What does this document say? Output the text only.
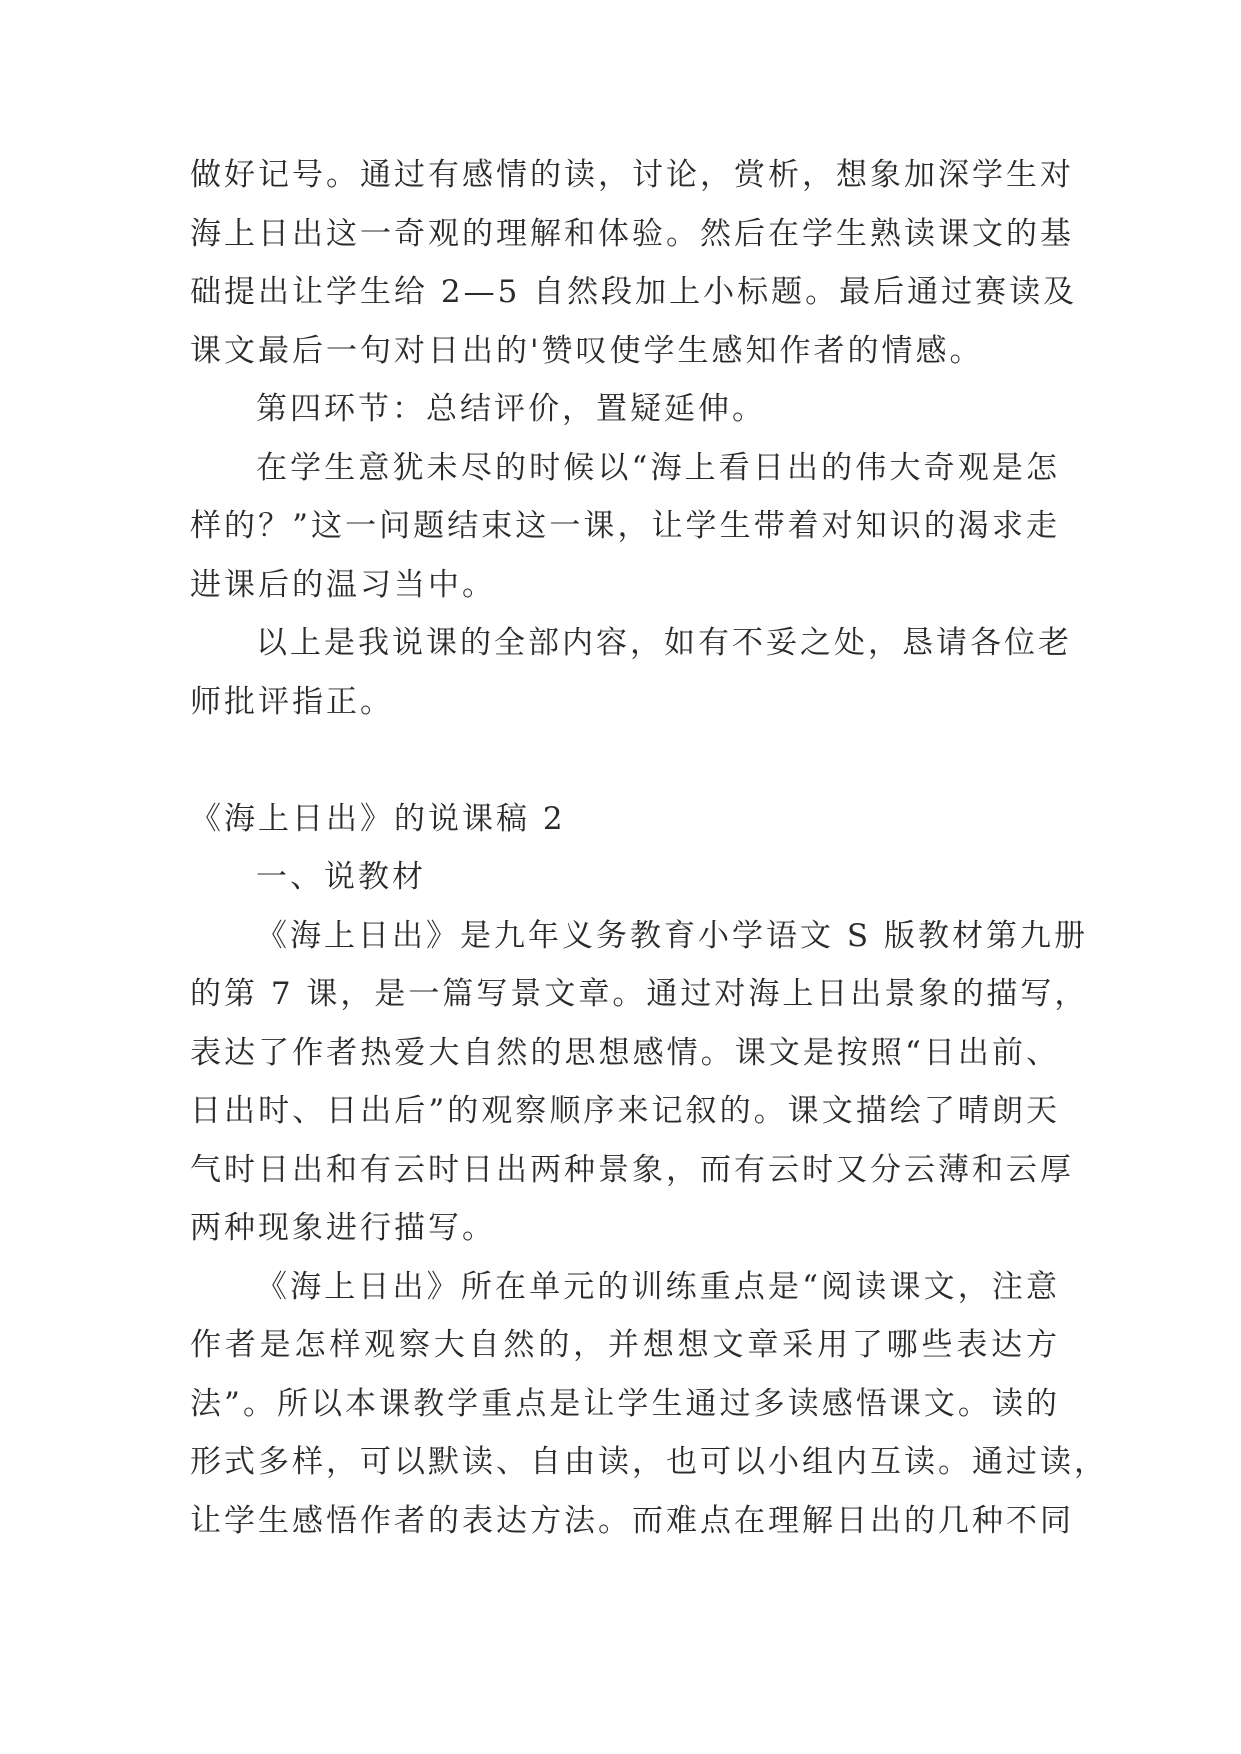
做好记号。通过有感情的读，讨论，赏析，想象加深学生对
海上日出这一奇观的理解和体验。然后在学生熟读课文的基
础提出让学生给 2—5 自然段加上小标题。最后通过赛读及
课文最后一句对日出的'赞叹使学生感知作者的情感。
第四环节：总结评价，置疑延伸。
在学生意犹未尽的时候以“海上看日出的伟大奇观是怎
样的？”这一问题结束这一课，让学生带着对知识的渴求走
进课后的温习当中。
以上是我说课的全部内容，如有不妥之处，恳请各位老
师批评指正。
《海上日出》的说课稿 2
一、说教材
《海上日出》是九年义务教育小学语文 S 版教材第九册
的第 7 课，是一篇写景文章。通过对海上日出景象的描写，
表达了作者热爱大自然的思想感情。课文是按照“日出前、
日出时、日出后”的观察顺序来记叙的。课文描绘了晴朗天
气时日出和有云时日出两种景象，而有云时又分云薄和云厚
两种现象进行描写。
《海上日出》所在单元的训练重点是“阅读课文，注意
作者是怎样观察大自然的，并想想文章采用了哪些表达方
法”。所以本课教学重点是让学生通过多读感悟课文。读的
形式多样，可以默读、自由读，也可以小组内互读。通过读，
让学生感悟作者的表达方法。而难点在理解日出的几种不同
